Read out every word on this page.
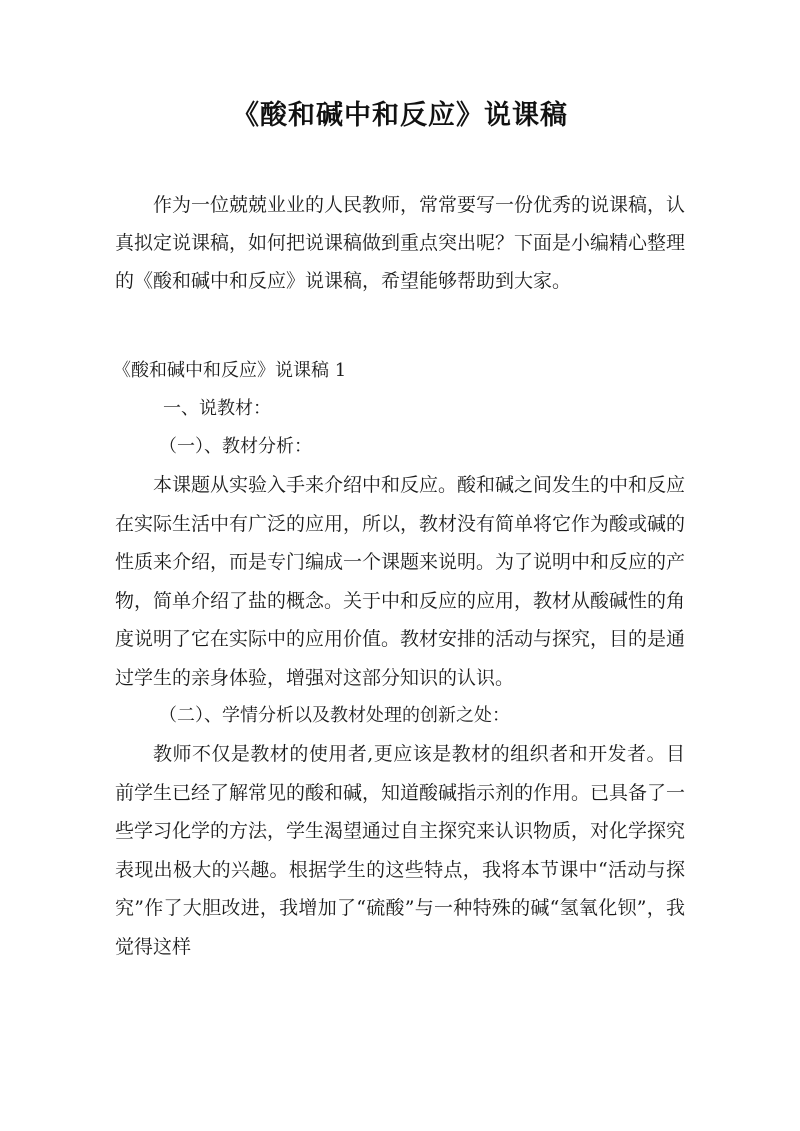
《酸和碱中和反应》说课稿

作为一位兢兢业业的人民教师，常常要写一份优秀的说课稿，认真拟定说课稿，如何把说课稿做到重点突出呢？下面是小编精心整理的《酸和碱中和反应》说课稿，希望能够帮助到大家。

《酸和碱中和反应》说课稿 1

一、说教材：

（一）、教材分析：

本课题从实验入手来介绍中和反应。酸和碱之间发生的中和反应在实际生活中有广泛的应用，所以，教材没有简单将它作为酸或碱的性质来介绍，而是专门编成一个课题来说明。为了说明中和反应的产物，简单介绍了盐的概念。关于中和反应的应用，教材从酸碱性的角度说明了它在实际中的应用价值。教材安排的活动与探究，目的是通过学生的亲身体验，增强对这部分知识的认识。

（二）、学情分析以及教材处理的创新之处：

教师不仅是教材的使用者,更应该是教材的组织者和开发者。目前学生已经了解常见的酸和碱，知道酸碱指示剂的作用。已具备了一些学习化学的方法，学生渴望通过自主探究来认识物质，对化学探究表现出极大的兴趣。根据学生的这些特点，我将本节课中“活动与探究”作了大胆改进，我增加了“硫酸”与一种特殊的碱“氢氧化钡”，我觉得这样
